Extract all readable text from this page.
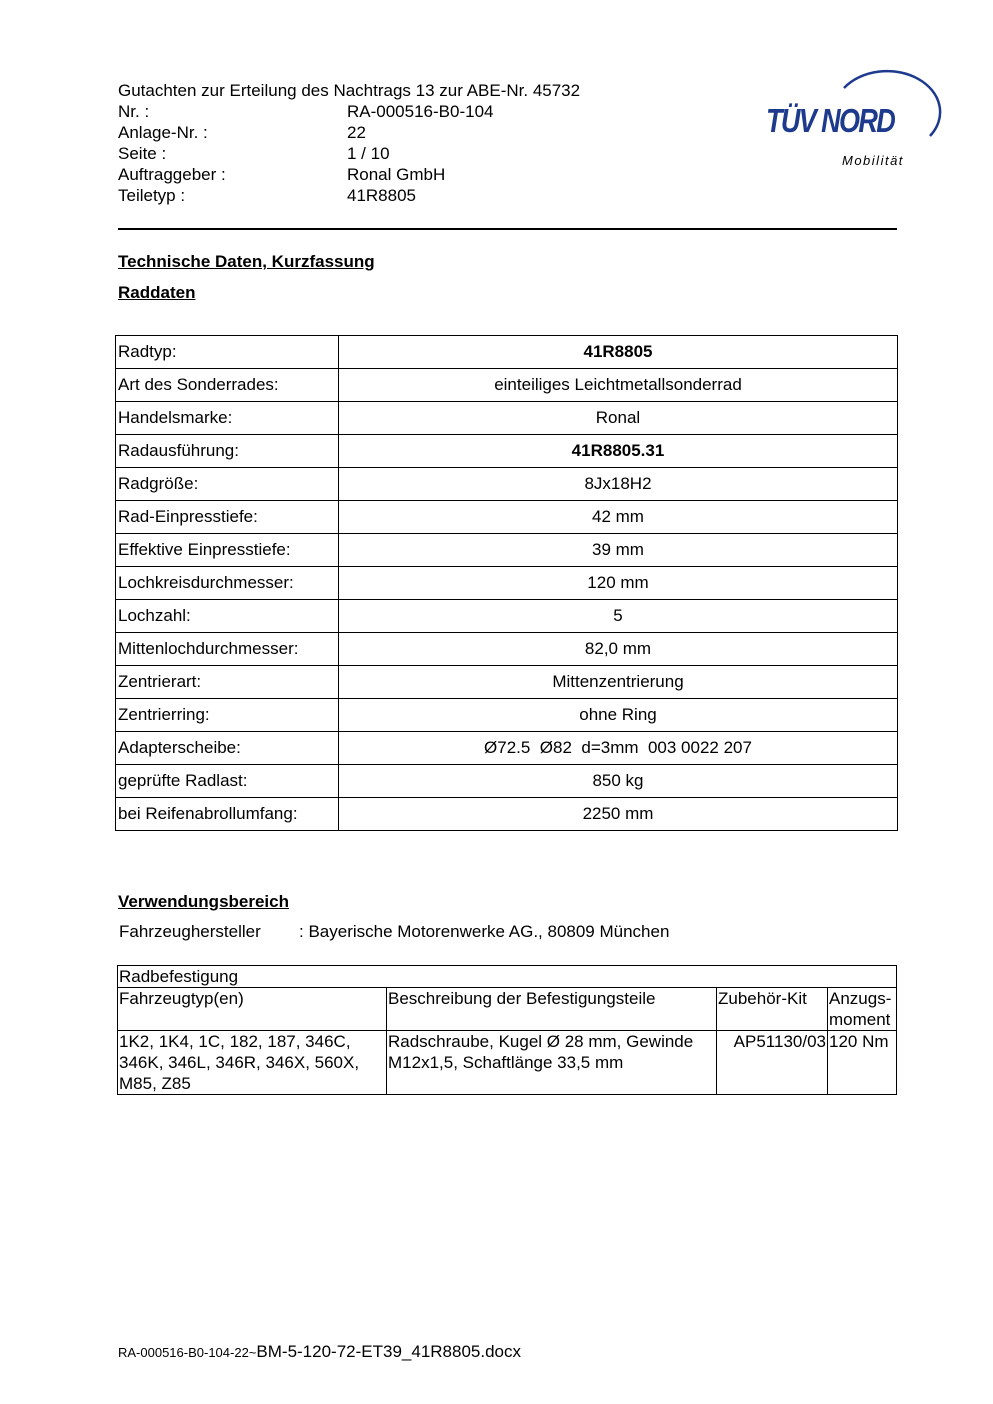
Gutachten zur Erteilung des Nachtrags 13 zur ABE-Nr. 45732
Nr. :	RA-000516-B0-104
Anlage-Nr. :	22
Seite :	1 / 10
Auftraggeber :	Ronal GmbH
Teiletyp :	41R8805
TÜV NORD
Mobilität
Technische Daten, Kurzfassung
Raddaten
Radtyp:	41R8805
Art des Sonderrades:	einteiliges Leichtmetallsonderrad
Handelsmarke:	Ronal
Radausführung:	41R8805.31
Radgröße:	8Jx18H2
Rad-Einpresstiefe:	42 mm
Effektive Einpresstiefe:	39 mm
Lochkreisdurchmesser:	120 mm
Lochzahl:	5
Mittenlochdurchmesser:	82,0 mm
Zentrierart:	Mittenzentrierung
Zentrierring:	ohne Ring
Adapterscheibe:	Ø72.5  Ø82  d=3mm  003 0022 207
geprüfte Radlast:	850 kg
bei Reifenabrollumfang:	2250 mm
Verwendungsbereich
Fahrzeughersteller	: Bayerische Motorenwerke AG., 80809 München
Radbefestigung			
Fahrzeugtyp(en)	Beschreibung der Befestigungsteile	Zubehör-Kit	Anzugs-moment
1K2, 1K4, 1C, 182, 187, 346C, 346K, 346L, 346R, 346X, 560X, M85, Z85	Radschraube, Kugel Ø 28 mm, Gewinde M12x1,5, Schaftlänge 33,5 mm	AP51130/03	120 Nm
RA-000516-B0-104-22~BM-5-120-72-ET39_41R8805.docx
